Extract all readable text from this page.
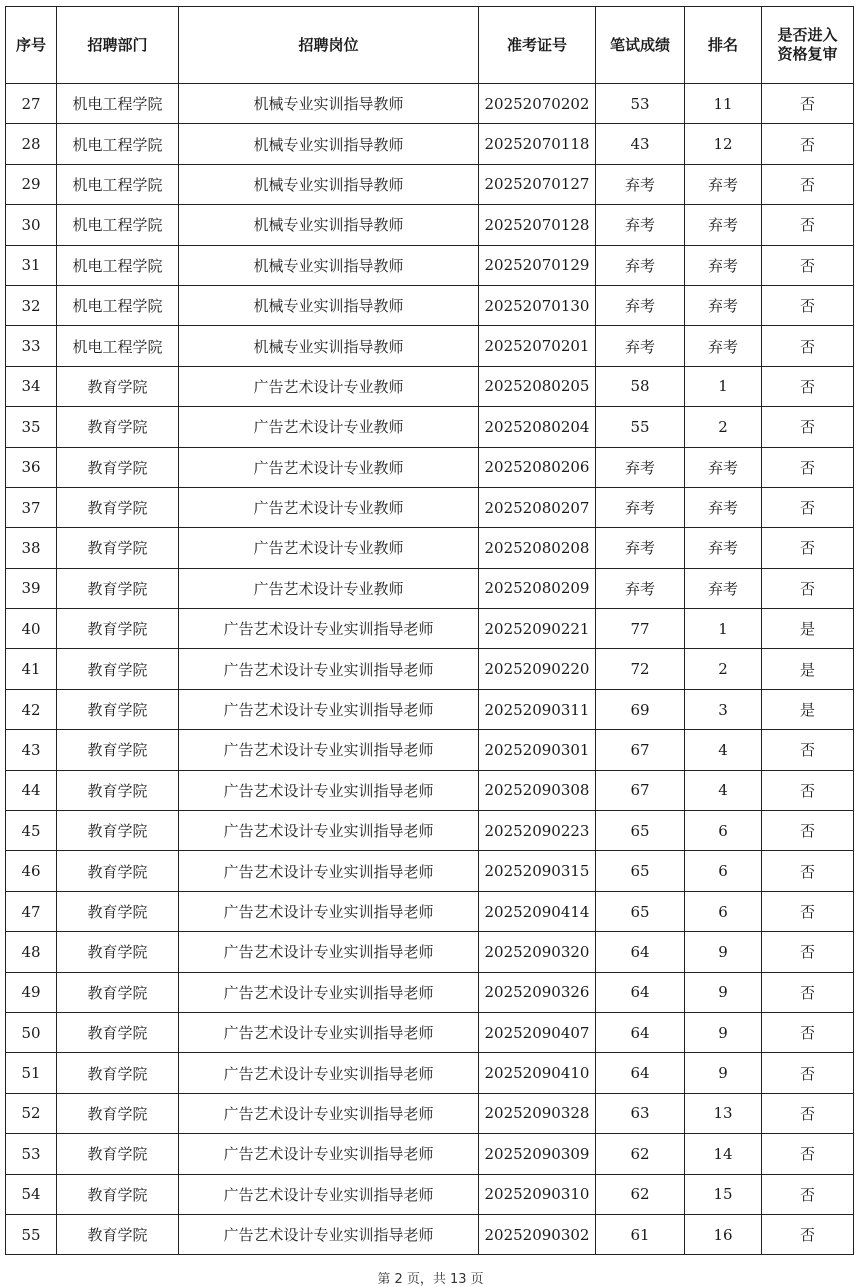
序号	招聘部门	招聘岗位	准考证号	笔试成绩	排名	是否进入
资格复审

27	机电工程学院	机械专业实训指导教师	20252070202	53	11	否
28	机电工程学院	机械专业实训指导教师	20252070118	43	12	否
29	机电工程学院	机械专业实训指导教师	20252070127	弃考	弃考	否
30	机电工程学院	机械专业实训指导教师	20252070128	弃考	弃考	否
31	机电工程学院	机械专业实训指导教师	20252070129	弃考	弃考	否
32	机电工程学院	机械专业实训指导教师	20252070130	弃考	弃考	否
33	机电工程学院	机械专业实训指导教师	20252070201	弃考	弃考	否
34	教育学院	广告艺术设计专业教师	20252080205	58	1	否
35	教育学院	广告艺术设计专业教师	20252080204	55	2	否
36	教育学院	广告艺术设计专业教师	20252080206	弃考	弃考	否
37	教育学院	广告艺术设计专业教师	20252080207	弃考	弃考	否
38	教育学院	广告艺术设计专业教师	20252080208	弃考	弃考	否
39	教育学院	广告艺术设计专业教师	20252080209	弃考	弃考	否
40	教育学院	广告艺术设计专业实训指导老师	20252090221	77	1	是
41	教育学院	广告艺术设计专业实训指导老师	20252090220	72	2	是
42	教育学院	广告艺术设计专业实训指导老师	20252090311	69	3	是
43	教育学院	广告艺术设计专业实训指导老师	20252090301	67	4	否
44	教育学院	广告艺术设计专业实训指导老师	20252090308	67	4	否
45	教育学院	广告艺术设计专业实训指导老师	20252090223	65	6	否
46	教育学院	广告艺术设计专业实训指导老师	20252090315	65	6	否
47	教育学院	广告艺术设计专业实训指导老师	20252090414	65	6	否
48	教育学院	广告艺术设计专业实训指导老师	20252090320	64	9	否
49	教育学院	广告艺术设计专业实训指导老师	20252090326	64	9	否
50	教育学院	广告艺术设计专业实训指导老师	20252090407	64	9	否
51	教育学院	广告艺术设计专业实训指导老师	20252090410	64	9	否
52	教育学院	广告艺术设计专业实训指导老师	20252090328	63	13	否
53	教育学院	广告艺术设计专业实训指导老师	20252090309	62	14	否
54	教育学院	广告艺术设计专业实训指导老师	20252090310	62	15	否
55	教育学院	广告艺术设计专业实训指导老师	20252090302	61	16	否
第 2 页，共 13 页
